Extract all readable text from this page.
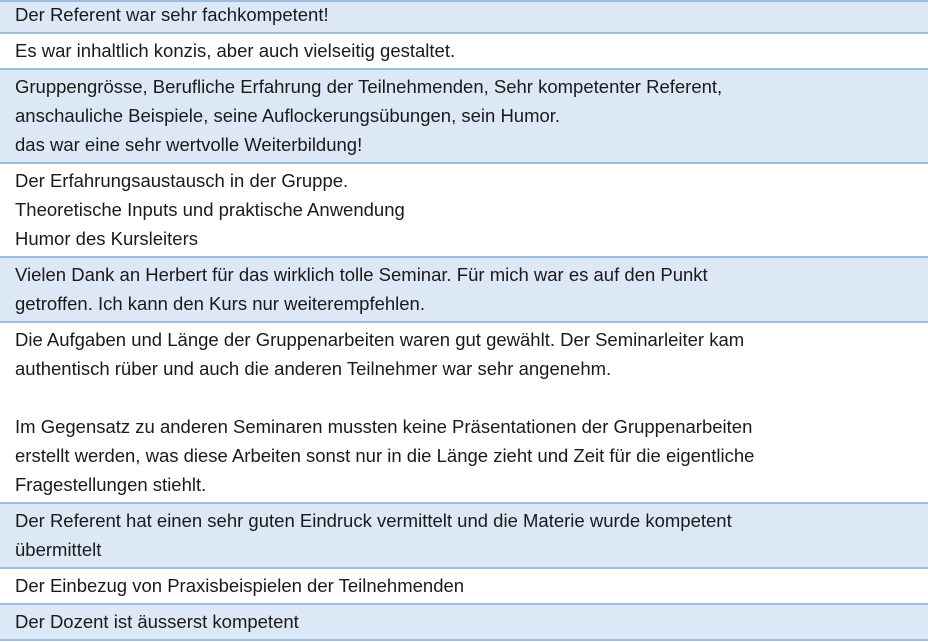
Der Referent war sehr fachkompetent!
Es war inhaltlich konzis, aber auch vielseitig gestaltet.
Gruppengrösse, Berufliche Erfahrung der Teilnehmenden, Sehr kompetenter Referent,
anschauliche Beispiele, seine Auflockerungsübungen, sein Humor.
das war eine sehr wertvolle Weiterbildung!
Der Erfahrungsaustausch in der Gruppe.
Theoretische Inputs und praktische Anwendung
Humor des Kursleiters
Vielen Dank an Herbert für das wirklich tolle Seminar. Für mich war es auf den Punkt
getroffen. Ich kann den Kurs nur weiterempfehlen.
Die Aufgaben und Länge der Gruppenarbeiten waren gut gewählt. Der Seminarleiter kam
authentisch rüber und auch die anderen Teilnehmer war sehr angenehm.
Im Gegensatz zu anderen Seminaren mussten keine Präsentationen der Gruppenarbeiten
erstellt werden, was diese Arbeiten sonst nur in die Länge zieht und Zeit für die eigentliche
Fragestellungen stiehlt.
Der Referent hat einen sehr guten Eindruck vermittelt und die Materie wurde kompetent
übermittelt
Der Einbezug von Praxisbeispielen der Teilnehmenden
Der Dozent ist äusserst kompetent
